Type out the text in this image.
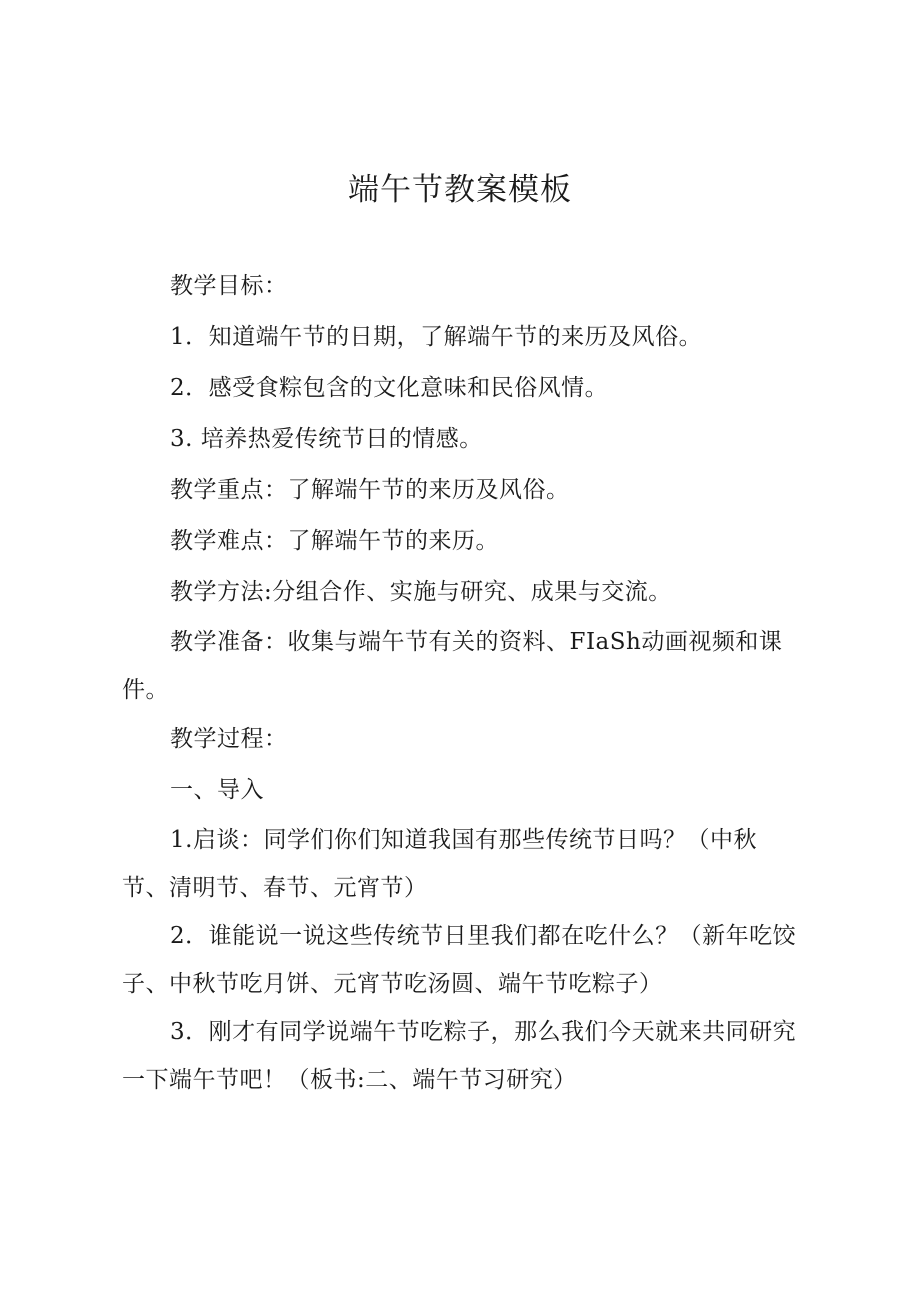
端午节教案模板

教学目标：

1．知道端午节的日期，了解端午节的来历及风俗。

2．感受食粽包含的文化意味和民俗风情。

3. 培养热爱传统节日的情感。

教学重点：了解端午节的来历及风俗。

教学难点：了解端午节的来历。

教学方法:分组合作、实施与研究、成果与交流。

教学准备：收集与端午节有关的资料、FIaSh动画视频和课件。

教学过程：

一、导入

1.启谈：同学们你们知道我国有那些传统节日吗？（中秋节、清明节、春节、元宵节）

2．谁能说一说这些传统节日里我们都在吃什么？（新年吃饺子、中秋节吃月饼、元宵节吃汤圆、端午节吃粽子）

3．刚才有同学说端午节吃粽子，那么我们今天就来共同研究一下端午节吧！（板书:二、端午节习研究）
